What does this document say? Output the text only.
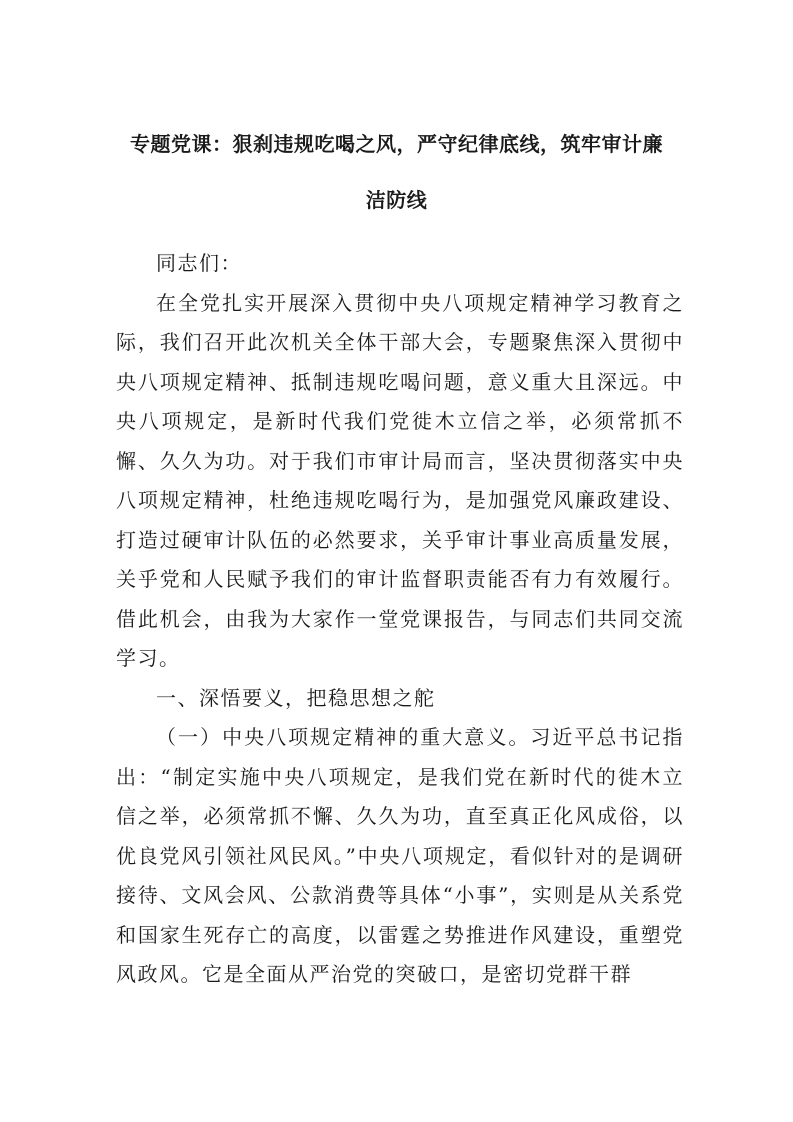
专题党课：狠刹违规吃喝之风，严守纪律底线，筑牢审计廉
洁防线

同志们：

在全党扎实开展深入贯彻中央八项规定精神学习教育之际，我们召开此次机关全体干部大会，专题聚焦深入贯彻中央八项规定精神、抵制违规吃喝问题，意义重大且深远。中央八项规定，是新时代我们党徙木立信之举，必须常抓不懈、久久为功。对于我们市审计局而言，坚决贯彻落实中央八项规定精神，杜绝违规吃喝行为，是加强党风廉政建设、打造过硬审计队伍的必然要求，关乎审计事业高质量发展，关乎党和人民赋予我们的审计监督职责能否有力有效履行。借此机会，由我为大家作一堂党课报告，与同志们共同交流学习。

一、深悟要义，把稳思想之舵

（一）中央八项规定精神的重大意义。习近平总书记指出：“制定实施中央八项规定，是我们党在新时代的徙木立信之举，必须常抓不懈、久久为功，直至真正化风成俗，以优良党风引领社风民风。”中央八项规定，看似针对的是调研接待、文风会风、公款消费等具体“小事”，实则是从关系党和国家生死存亡的高度，以雷霆之势推进作风建设，重塑党风政风。它是全面从严治党的突破口，是密切党群干群
